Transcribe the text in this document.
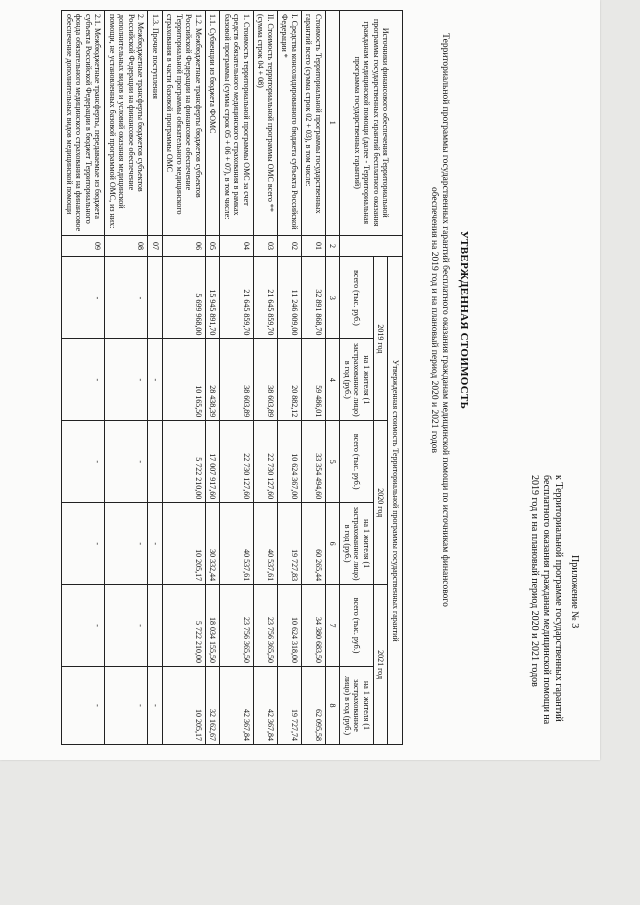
Приложение № 3
к Территориальной программе государственных гарантий бесплатного оказания гражданам медицинской помощи на 2019 год и на плановый период 2020 и 2021 годов
УТВЕРЖДЕННАЯ СТОИМОСТЬ
Территориальной программы государственных гарантий бесплатного оказания гражданам медицинской помощи по источникам финансового обеспечения на 2019 год и на плановый период 2020 и 2021 годов
Источники финансового обеспечения Территориальной программы государственных гарантий бесплатного оказания гражданам медицинской помощи (далее - Территориальная программа государственных гарантий)		Утвержденная стоимость Территориальной программы государственных гарантий					
		2019 год		2020 год		2021 год	
		всего (тыс. руб.)	на 1 жителя (1 застрахованное лицо) в год (руб.)	всего (тыс. руб.)	на 1 жителя (1 застрахованное лицо) в год (руб.)	всего (тыс. руб.)	на 1 жителя (1 застрахованное лицо) в год (руб.)
1	2	3	4	5	6	7	8
Стоимость Территориальной программы государственных гарантий всего (сумма строк 02 + 03), в том числе:	01	32 891 868,70	59 486,01	33 354 494,60	60 265,44	34 380 683,50	62 095,58
I. Средства консолидированного бюджета субъекта Российской Федерации *	02	11 246 009,00	20 882,12	10 624 367,00	19 727,83	10 624 318,00	19 727,74
II. Стоимость территориальной программы ОМС всего ** (сумма строк 04 + 08)	03	21 645 859,70	38 603,89	22 730 127,60	40 537,61	23 756 365,50	42 367,84
1. Стоимость территориальной программы ОМС за счет средств обязательного медицинского страхования в рамках базовой программы (сумма строк 05 + 06 + 07), в том числе:	04	21 645 859,70	38 603,89	22 730 127,60	40 537,61	23 756 365,50	42 367,84
1.1. Субвенции из бюджета ФОМС	05	15 945 891,70	28 438,39	17 007 917,60	30 332,44	18 034 155,50	32 162,67
1.2. Межбюджетные трансферты бюджетов субъектов Российской Федерации на финансовое обеспечение Территориальной программы обязательного медицинского страхования в части базовой программы ОМС	06	5 699 968,00	10 165,50	5 722 210,00	10 205,17	5 722 210,00	10 205,17
1.3. Прочие поступления	07		-		-		-
2. Межбюджетные трансферты бюджетов субъектов Российской Федерации на финансовое обеспечение дополнительных видов и условий оказания медицинской помощи, не установленных базовой программой ОМС, из них:	08	-	-	-	-	-	-
2.1. Межбюджетные трансферты, передаваемые из бюджета субъекта Российской Федерации в бюджет Территориального фонда обязательного медицинского страхования на финансовое обеспечение дополнительных видов медицинской помощи	09	-	-	-	-	-	-
